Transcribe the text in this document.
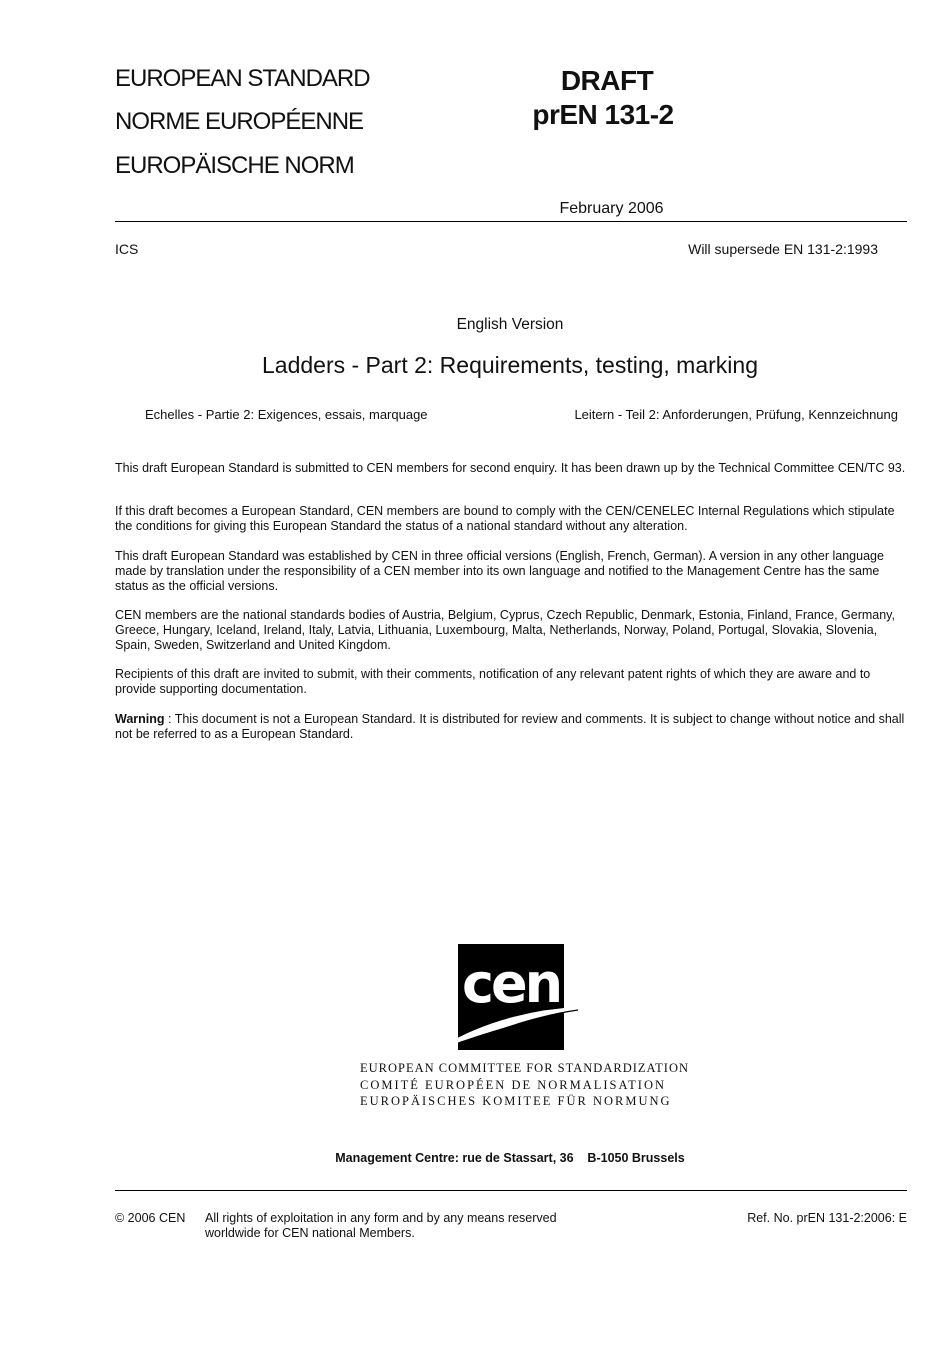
EUROPEAN STANDARD
NORME EUROPÉENNE
EUROPÄISCHE NORM
DRAFT
prEN 131-2
February 2006
ICS	Will supersede EN 131-2:1993
English Version
Ladders - Part 2: Requirements, testing, marking
Echelles - Partie 2: Exigences, essais, marquage	Leitern - Teil 2: Anforderungen, Prüfung, Kennzeichnung
This draft European Standard is submitted to CEN members for second enquiry. It has been drawn up by the Technical Committee CEN/TC 93.
If this draft becomes a European Standard, CEN members are bound to comply with the CEN/CENELEC Internal Regulations which stipulate the conditions for giving this European Standard the status of a national standard without any alteration.
This draft European Standard was established by CEN in three official versions (English, French, German). A version in any other language made by translation under the responsibility of a CEN member into its own language and notified to the Management Centre has the same status as the official versions.
CEN members are the national standards bodies of Austria, Belgium, Cyprus, Czech Republic, Denmark, Estonia, Finland, France, Germany, Greece, Hungary, Iceland, Ireland, Italy, Latvia, Lithuania, Luxembourg, Malta, Netherlands, Norway, Poland, Portugal, Slovakia, Slovenia, Spain, Sweden, Switzerland and United Kingdom.
Recipients of this draft are invited to submit, with their comments, notification of any relevant patent rights of which they are aware and to provide supporting documentation.
Warning : This document is not a European Standard. It is distributed for review and comments. It is subject to change without notice and shall not be referred to as a European Standard.
cen
EUROPEAN COMMITTEE FOR STANDARDIZATION
COMITÉ EUROPÉEN DE NORMALISATION
EUROPÄISCHES KOMITEE FÜR NORMUNG
Management Centre: rue de Stassart, 36    B-1050 Brussels
© 2006 CEN	All rights of exploitation in any form and by any means reserved
worldwide for CEN national Members.
Ref. No. prEN 131-2:2006: E
